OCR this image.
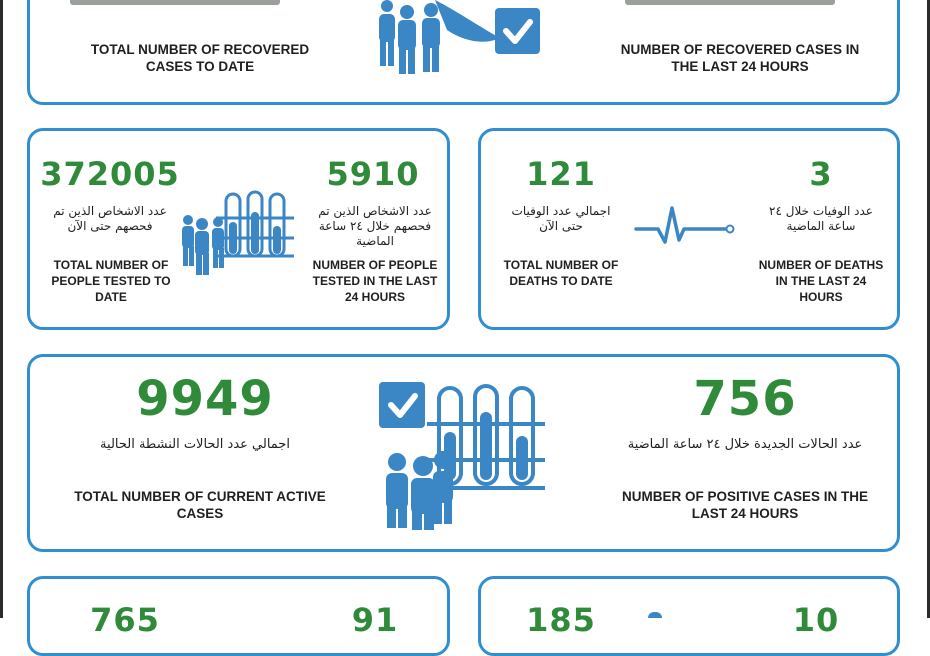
TOTAL NUMBER OF RECOVERED CASES TO DATE
NUMBER OF RECOVERED CASES IN THE LAST 24 HOURS
372005
عدد الاشخاص الذين تم فحصهم حتى الآن
TOTAL NUMBER OF PEOPLE TESTED TO DATE
5910
عدد الاشخاص الذين تم فحصهم خلال ٢٤ ساعة الماضية
NUMBER OF PEOPLE TESTED IN THE LAST 24 HOURS
121
اجمالي عدد الوفيات حتى الآن
TOTAL NUMBER OF DEATHS TO DATE
3
عدد الوفيات خلال ٢٤ ساعة الماضية
NUMBER OF DEATHS IN THE LAST 24 HOURS
9949
اجمالي عدد الحالات النشطة الحالية
TOTAL NUMBER OF CURRENT ACTIVE CASES
756
عدد الحالات الجديدة خلال ٢٤ ساعة الماضية
NUMBER OF POSITIVE CASES IN THE LAST 24 HOURS
765	91	185	10
